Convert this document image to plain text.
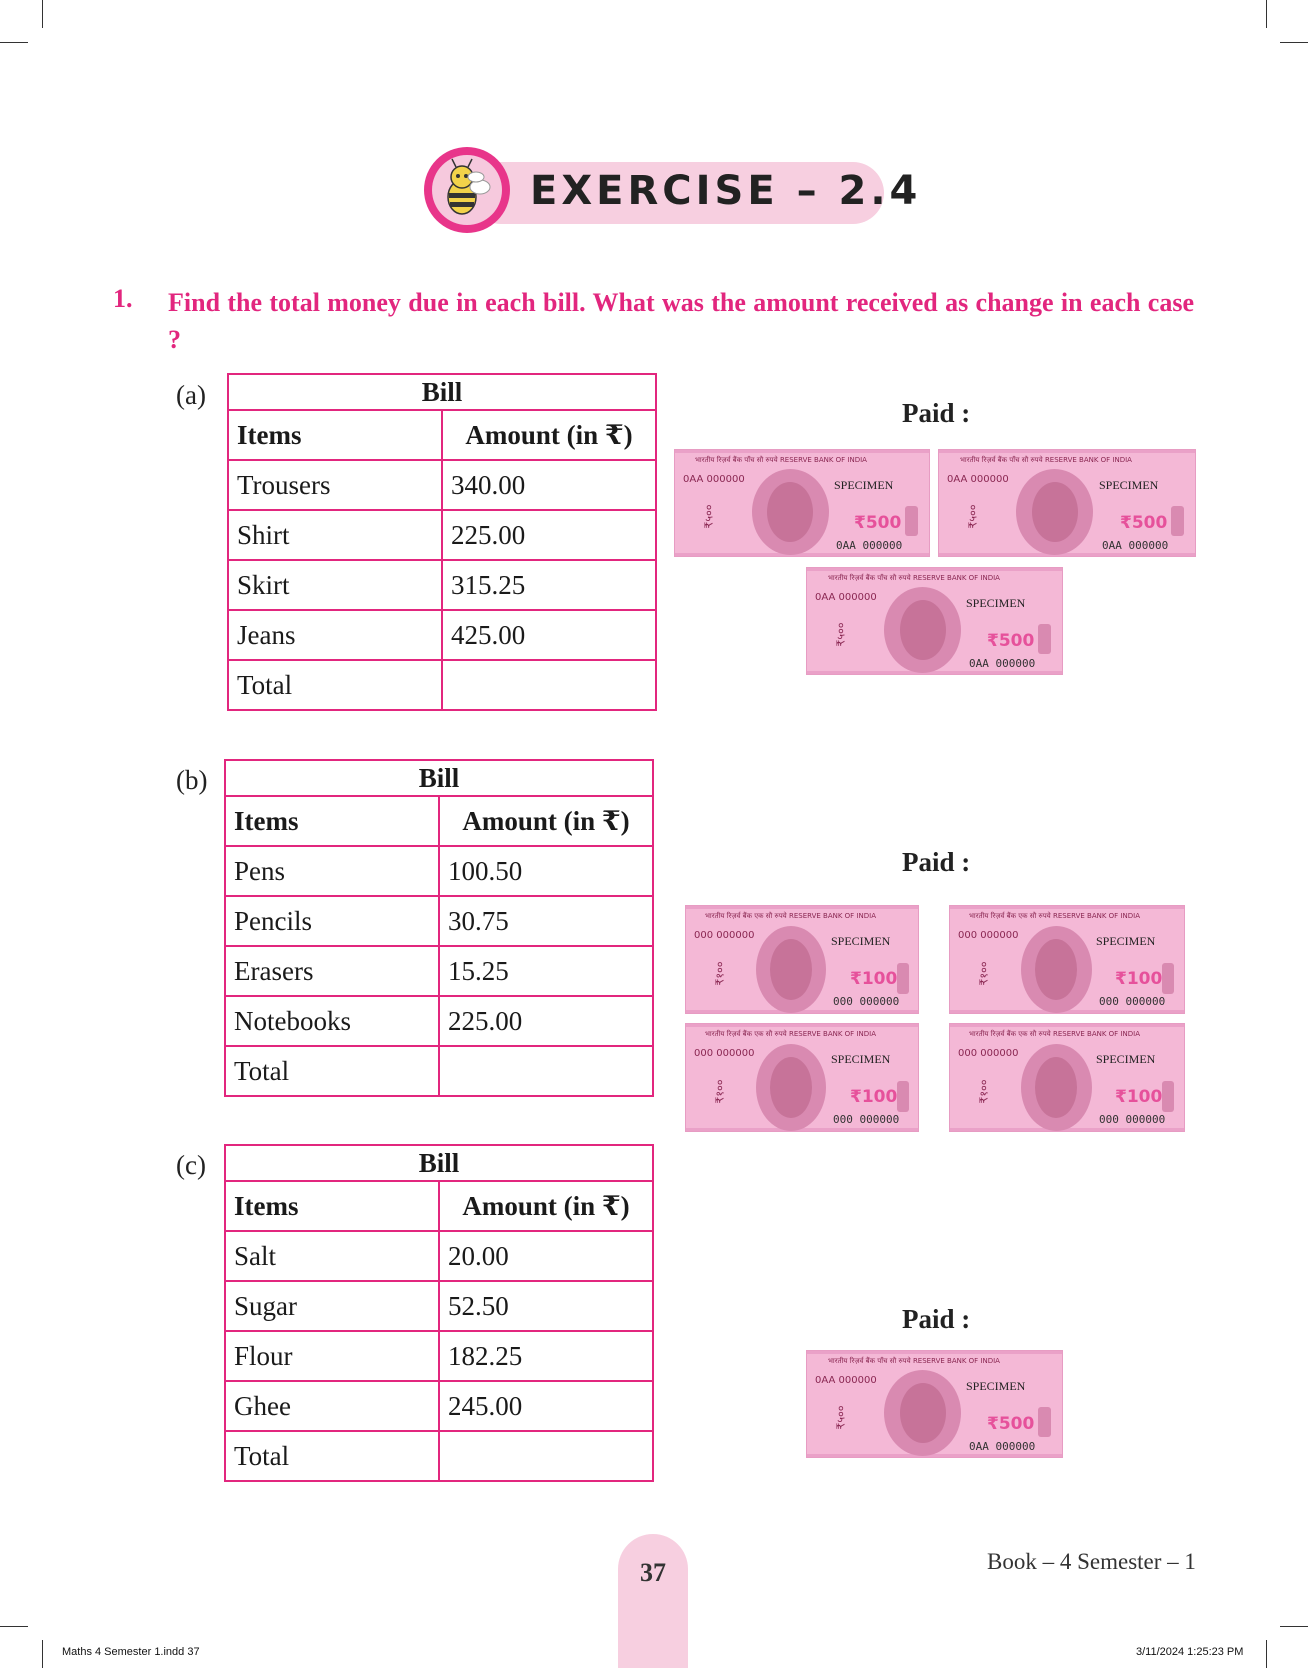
EXERCISE – 2.4
1. Find the total money due in each bill. What was the amount received as change in each case ?
(a)	Bill	
Items	Amount (in ₹)
Trousers	340.00
Shirt	225.00
Skirt	315.25
Jeans	425.00
Total	
Paid :
भारतीय रिज़र्व बैंक पाँच सौ रुपये RESERVE BANK OF INDIA
0AA 000000
₹५००
SPECIMEN
₹500
0AA 000000
भारतीय रिज़र्व बैंक पाँच सौ रुपये RESERVE BANK OF INDIA
0AA 000000
₹५००
SPECIMEN
₹500
0AA 000000
भारतीय रिज़र्व बैंक पाँच सौ रुपये RESERVE BANK OF INDIA
0AA 000000
₹५००
SPECIMEN
₹500
0AA 000000
(b)	Bill	
Items	Amount (in ₹)
Pens	100.50
Pencils	30.75
Erasers	15.25
Notebooks	225.00
Total	
Paid :
भारतीय रिज़र्व बैंक एक सौ रुपये RESERVE BANK OF INDIA
000 000000
₹१००
SPECIMEN
₹100
000 000000
भारतीय रिज़र्व बैंक एक सौ रुपये RESERVE BANK OF INDIA
000 000000
₹१००
SPECIMEN
₹100
000 000000
भारतीय रिज़र्व बैंक एक सौ रुपये RESERVE BANK OF INDIA
000 000000
₹१००
SPECIMEN
₹100
000 000000
भारतीय रिज़र्व बैंक एक सौ रुपये RESERVE BANK OF INDIA
000 000000
₹१००
SPECIMEN
₹100
000 000000
(c)	Bill	
Items	Amount (in ₹)
Salt	20.00
Sugar	52.50
Flour	182.25
Ghee	245.00
Total	
Paid :
भारतीय रिज़र्व बैंक पाँच सौ रुपये RESERVE BANK OF INDIA
0AA 000000
₹५००
SPECIMEN
₹500
0AA 000000
37	Book – 4 Semester – 1
Maths 4 Semester 1.indd 37	3/11/2024 1:25:23 PM
